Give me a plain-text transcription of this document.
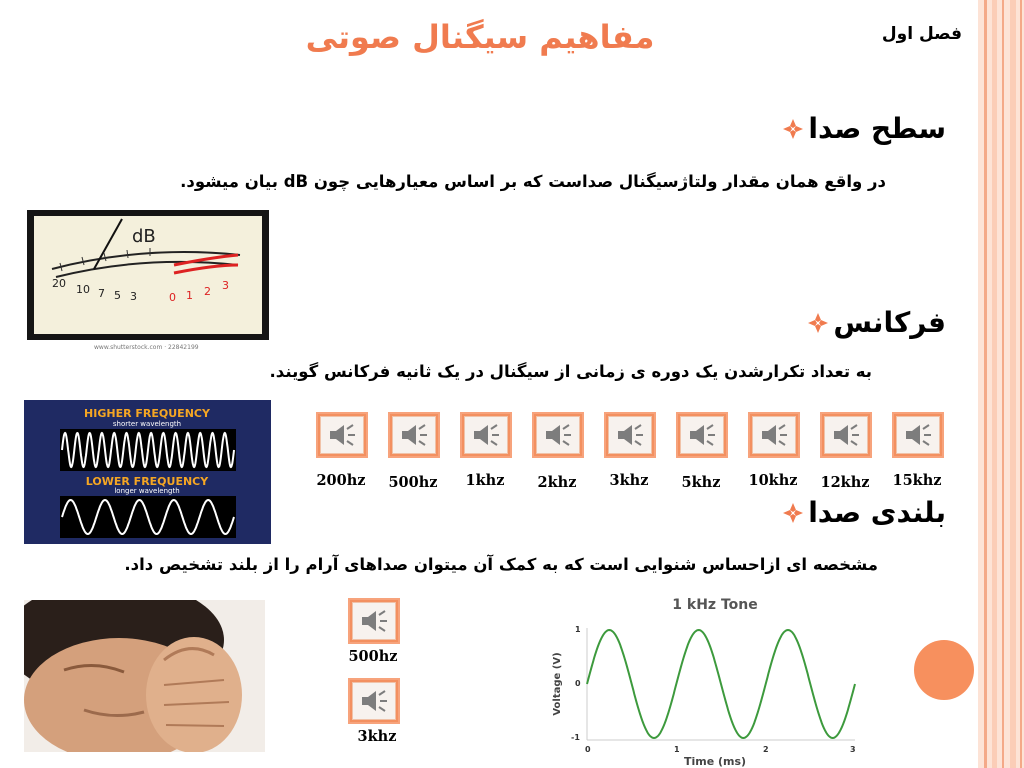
مفاهیم سیگنال صوتی	فصل اول
سطح صدا
در واقع همان مقدار ولتاژسیگنال صداست که بر اساس معیارهایی چون dB بیان میشود.
dB
20 10 7 5 3	0 1 2 3
www.shutterstock.com · 22842199
فرکانس
به تعداد تکرارشدن یک دوره ی زمانی از سیگنال در یک ثانیه فرکانس گویند.
HIGHER FREQUENCY
shorter wavelength
LOWER FREQUENCY
longer wavelength
بلندی صدا
مشخصه ای ازاحساس شنوایی است که به کمک آن میتوان صداهای آرام را از بلند تشخیص داد.
1 kHz Tone
1
0
-1
0	1	2	3
Time (ms)
Voltage (V)
200hz	500hz	1khz	2khz	3khz	5khz	10khz	12khz	15khz
500hz
3khz
